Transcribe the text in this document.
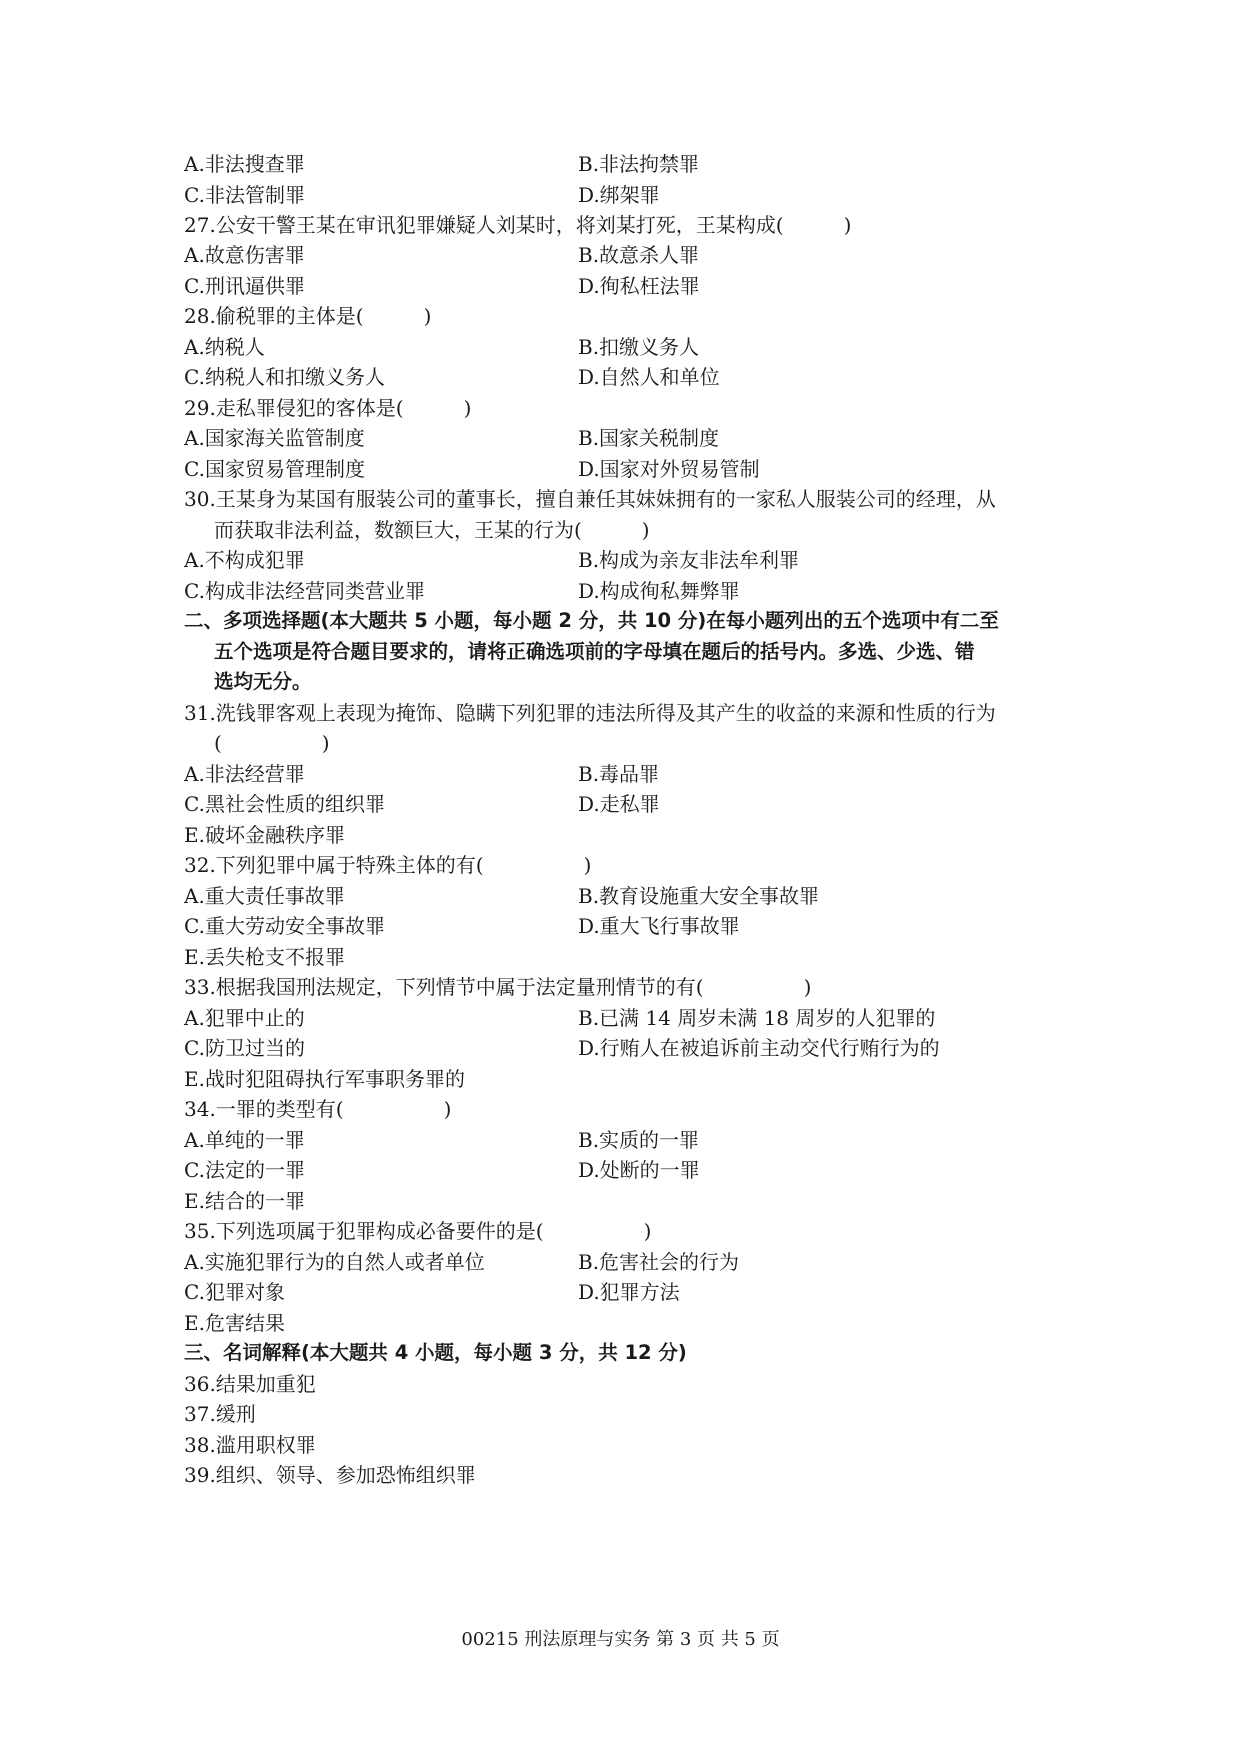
A.非法搜查罪	B.非法拘禁罪
C.非法管制罪	D.绑架罪
27.公安干警王某在审讯犯罪嫌疑人刘某时，将刘某打死，王某构成(　　　)
A.故意伤害罪	B.故意杀人罪
C.刑讯逼供罪	D.徇私枉法罪
28.偷税罪的主体是(　　　)
A.纳税人	B.扣缴义务人
C.纳税人和扣缴义务人	D.自然人和单位
29.走私罪侵犯的客体是(　　　)
A.国家海关监管制度	B.国家关税制度
C.国家贸易管理制度	D.国家对外贸易管制
30.王某身为某国有服装公司的董事长，擅自兼任其妹妹拥有的一家私人服装公司的经理，从
而获取非法利益，数额巨大，王某的行为(　　　)
A.不构成犯罪	B.构成为亲友非法牟利罪
C.构成非法经营同类营业罪	D.构成徇私舞弊罪
二、多项选择题(本大题共 5 小题，每小题 2 分，共 10 分)在每小题列出的五个选项中有二至
五个选项是符合题目要求的，请将正确选项前的字母填在题后的括号内。多选、少选、错
选均无分。
31.洗钱罪客观上表现为掩饰、隐瞒下列犯罪的违法所得及其产生的收益的来源和性质的行为
(　　　　　)
A.非法经营罪	B.毒品罪
C.黑社会性质的组织罪	D.走私罪
E.破坏金融秩序罪
32.下列犯罪中属于特殊主体的有(　　　　　)
A.重大责任事故罪	B.教育设施重大安全事故罪
C.重大劳动安全事故罪	D.重大飞行事故罪
E.丢失枪支不报罪
33.根据我国刑法规定，下列情节中属于法定量刑情节的有(　　　　　)
A.犯罪中止的	B.已满 14 周岁未满 18 周岁的人犯罪的
C.防卫过当的	D.行贿人在被追诉前主动交代行贿行为的
E.战时犯阻碍执行军事职务罪的
34.一罪的类型有(　　　　　)
A.单纯的一罪	B.实质的一罪
C.法定的一罪	D.处断的一罪
E.结合的一罪
35.下列选项属于犯罪构成必备要件的是(　　　　　)
A.实施犯罪行为的自然人或者单位	B.危害社会的行为
C.犯罪对象	D.犯罪方法
E.危害结果
三、名词解释(本大题共 4 小题，每小题 3 分，共 12 分)
36.结果加重犯
37.缓刑
38.滥用职权罪
39.组织、领导、参加恐怖组织罪
00215 刑法原理与实务 第 3 页 共 5 页
